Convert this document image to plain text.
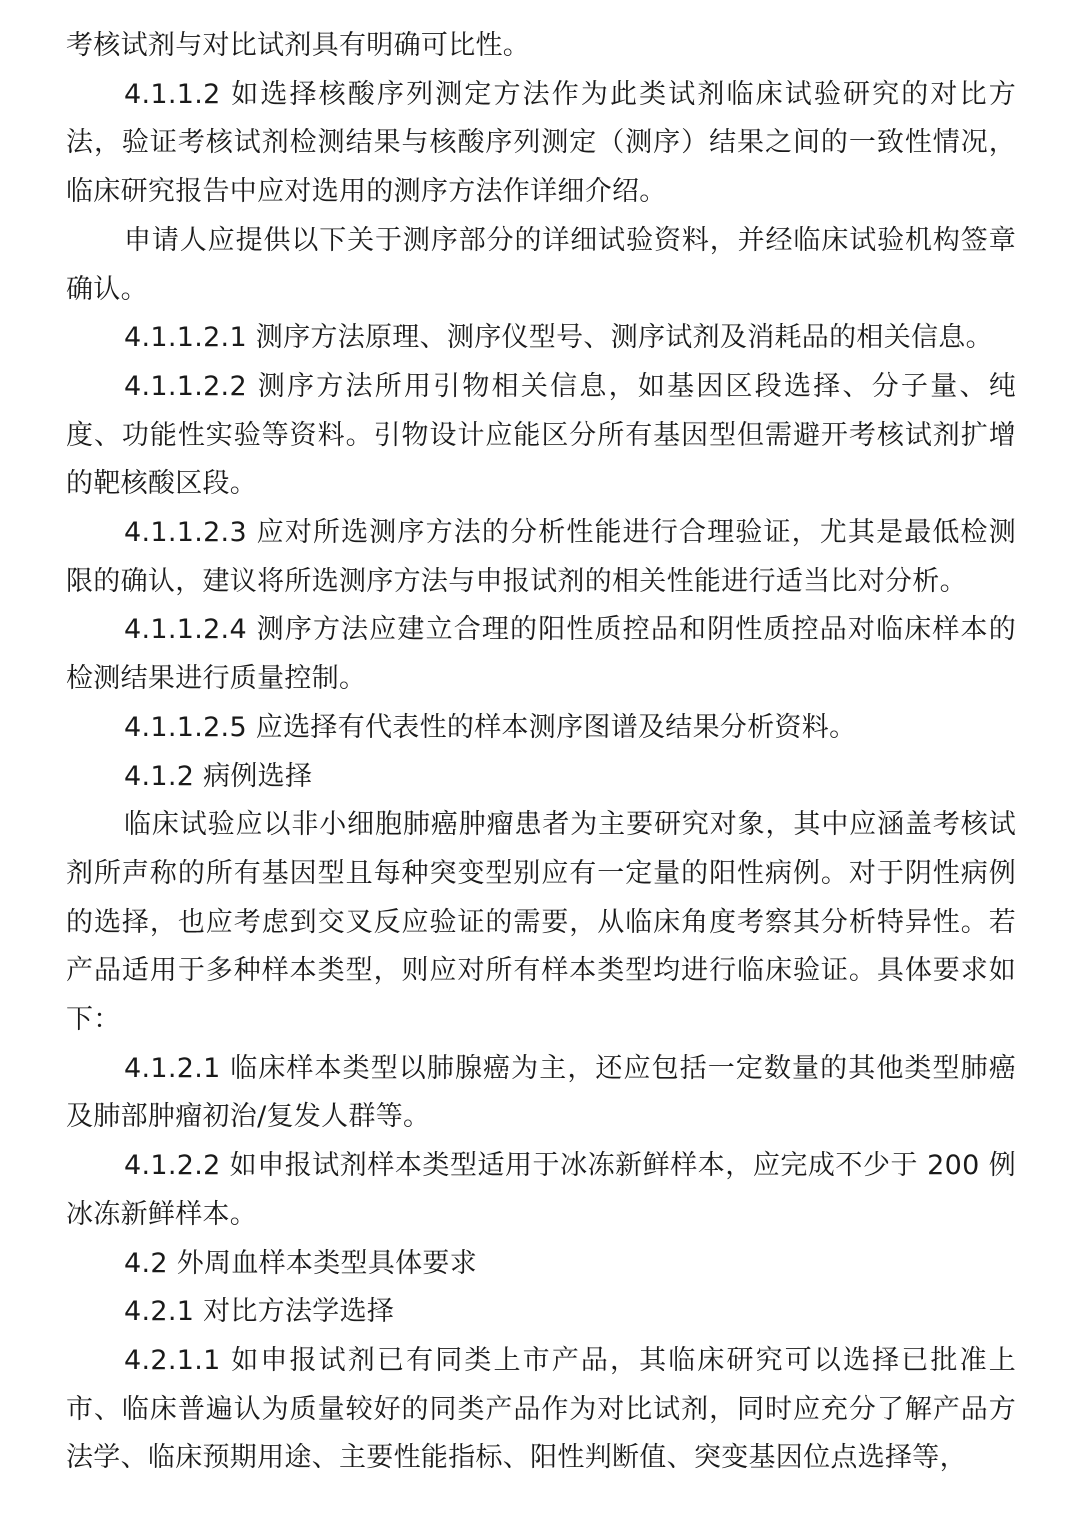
考核试剂与对比试剂具有明确可比性。

4.1.1.2 如选择核酸序列测定方法作为此类试剂临床试验研究的对比方法，验证考核试剂检测结果与核酸序列测定（测序）结果之间的一致性情况，临床研究报告中应对选用的测序方法作详细介绍。

申请人应提供以下关于测序部分的详细试验资料，并经临床试验机构签章确认。

4.1.1.2.1 测序方法原理、测序仪型号、测序试剂及消耗品的相关信息。

4.1.1.2.2 测序方法所用引物相关信息，如基因区段选择、分子量、纯度、功能性实验等资料。引物设计应能区分所有基因型但需避开考核试剂扩增的靶核酸区段。

4.1.1.2.3 应对所选测序方法的分析性能进行合理验证，尤其是最低检测限的确认，建议将所选测序方法与申报试剂的相关性能进行适当比对分析。

4.1.1.2.4 测序方法应建立合理的阳性质控品和阴性质控品对临床样本的检测结果进行质量控制。

4.1.1.2.5 应选择有代表性的样本测序图谱及结果分析资料。

4.1.2 病例选择

临床试验应以非小细胞肺癌肿瘤患者为主要研究对象，其中应涵盖考核试剂所声称的所有基因型且每种突变型别应有一定量的阳性病例。对于阴性病例的选择，也应考虑到交叉反应验证的需要，从临床角度考察其分析特异性。若产品适用于多种样本类型，则应对所有样本类型均进行临床验证。具体要求如下：

4.1.2.1 临床样本类型以肺腺癌为主，还应包括一定数量的其他类型肺癌及肺部肿瘤初治/复发人群等。

4.1.2.2 如申报试剂样本类型适用于冰冻新鲜样本，应完成不少于 200 例冰冻新鲜样本。

4.2 外周血样本类型具体要求

4.2.1 对比方法学选择

4.2.1.1 如申报试剂已有同类上市产品，其临床研究可以选择已批准上市、临床普遍认为质量较好的同类产品作为对比试剂，同时应充分了解产品方法学、临床预期用途、主要性能指标、阳性判断值、突变基因位点选择等，
